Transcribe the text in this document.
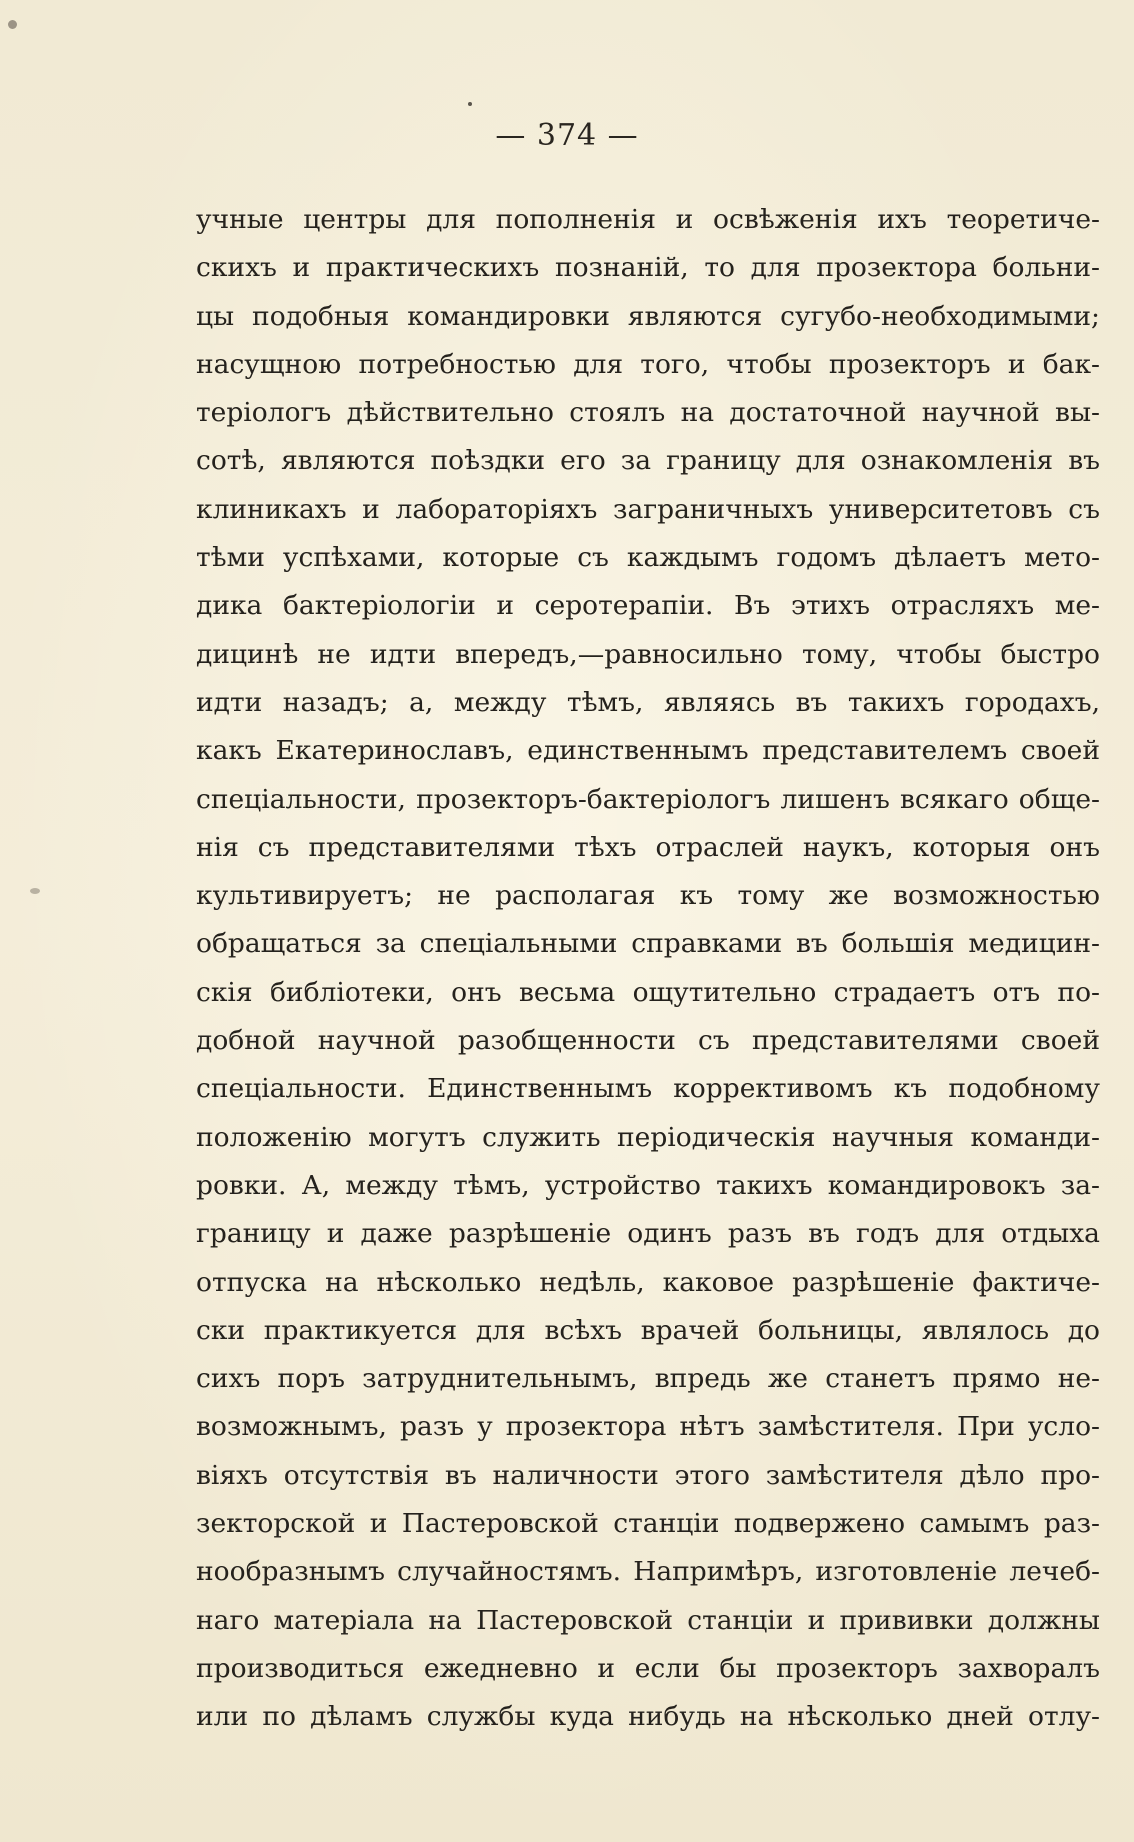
— 374 —
учные центры для пополненія и освѣженія ихъ теоретиче-
скихъ и практическихъ познаній, то для прозектора больни-
цы подобныя командировки являются сугубо-необходимыми;
насущною потребностью для того, чтобы прозекторъ и бак-
теріологъ дѣйствительно стоялъ на достаточной научной вы-
сотѣ, являются поѣздки его за границу для ознакомленія въ
клиникахъ и лабораторіяхъ заграничныхъ университетовъ съ
тѣми успѣхами, которые съ каждымъ годомъ дѣлаетъ мето-
дика бактеріологіи и серотерапіи. Въ этихъ отрасляхъ ме-
дицинѣ не идти впередъ,—равносильно тому, чтобы быстро
идти назадъ; а, между тѣмъ, являясь въ такихъ городахъ,
какъ Екатеринославъ, единственнымъ представителемъ своей
спеціальности, прозекторъ-бактеріологъ лишенъ всякаго обще-
нія съ представителями тѣхъ отраслей наукъ, которыя онъ
культивируетъ; не располагая къ тому же возможностью
обращаться за спеціальными справками въ большія медицин-
скія библіотеки, онъ весьма ощутительно страдаетъ отъ по-
добной научной разобщенности съ представителями своей
спеціальности. Единственнымъ коррективомъ къ подобному
положенію могутъ служить періодическія научныя команди-
ровки. А, между тѣмъ, устройство такихъ командировокъ за-
границу и даже разрѣшеніе одинъ разъ въ годъ для отдыха
отпуска на нѣсколько недѣль, каковое разрѣшеніе фактиче-
ски практикуется для всѣхъ врачей больницы, являлось до
сихъ поръ затруднительнымъ, впредь же станетъ прямо не-
возможнымъ, разъ у прозектора нѣтъ замѣстителя. При усло-
віяхъ отсутствія въ наличности этого замѣстителя дѣло про-
зекторской и Пастеровской станціи подвержено самымъ раз-
нообразнымъ случайностямъ. Напримѣръ, изготовленіе лечеб-
наго матеріала на Пастеровской станціи и прививки должны
производиться ежедневно и если бы прозекторъ захворалъ
или по дѣламъ службы куда нибудь на нѣсколько дней отлу-
